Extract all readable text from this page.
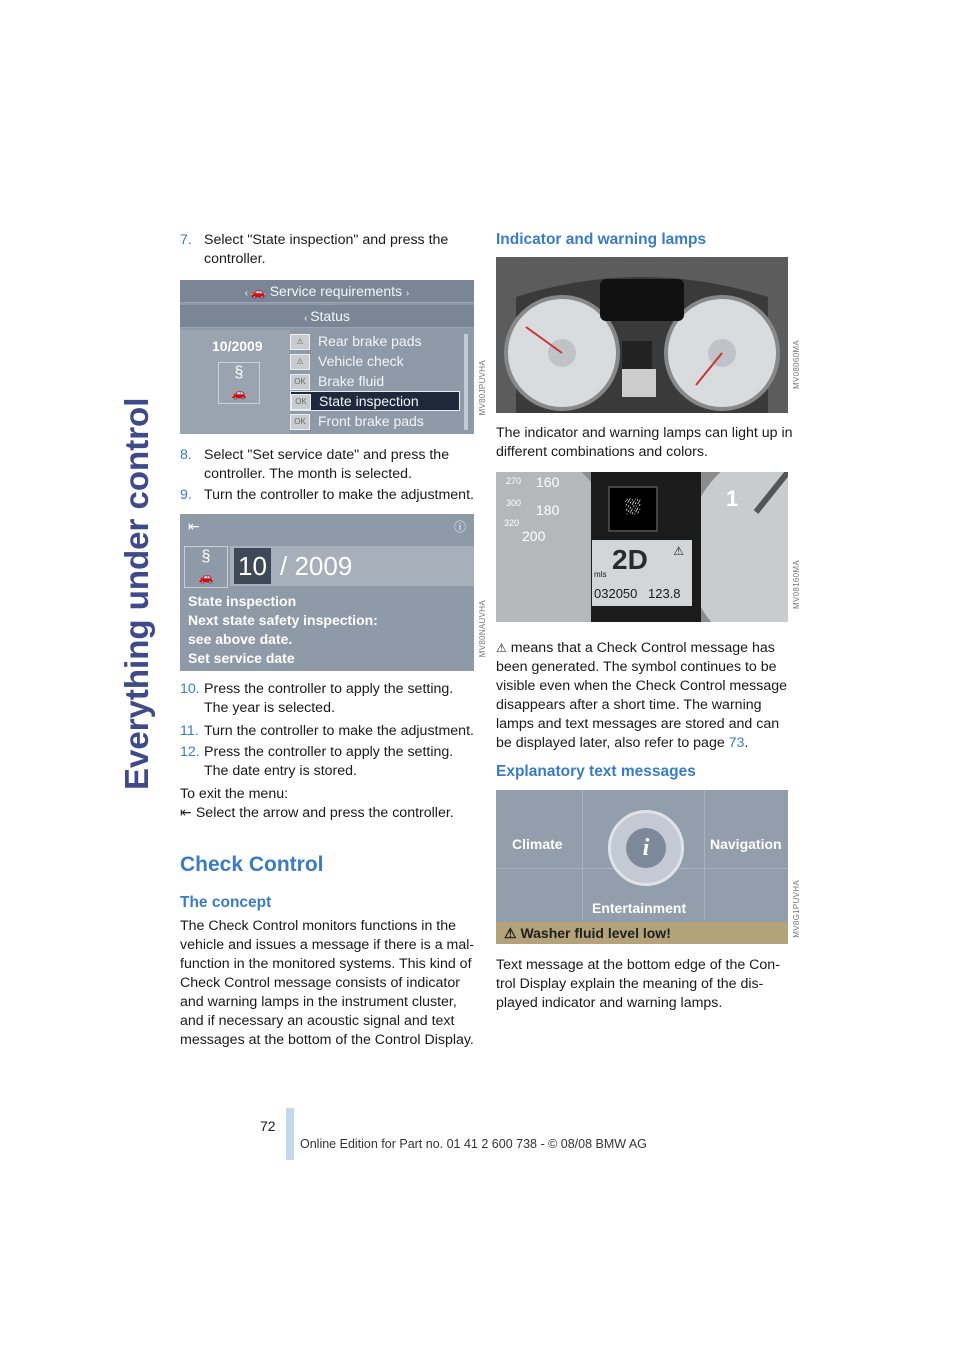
Everything under control
7. Select "State inspection" and press the controller.
‹ 🚗 Service requirements ›
‹ Status
10/2009
§
🚗
⚠ Rear brake pads
⚠ Vehicle check
OK Brake fluid
OK State inspection
OK Front brake pads
MV80JPUVHA
8. Select "Set service date" and press the controller. The month is selected.
9. Turn the controller to make the adjustment.
⇤	ⓘ
§
🚗 10 / 2009
State inspection
Next state safety inspection:
see above date.
Set service date
MV80NAUVHA
10. Press the controller to apply the setting. The year is selected.
11. Turn the controller to make the adjustment.
12. Press the controller to apply the setting. The date entry is stored.
To exit the menu:
⇤ Select the arrow and press the controller.
Check Control
The concept
The Check Control monitors functions in the vehicle and issues a message if there is a mal-function in the monitored systems. This kind of Check Control message consists of indicator and warning lamps in the instrument cluster, and if necessary an acoustic signal and text messages at the bottom of the Control Display.
Indicator and warning lamps
MV08060MA
The indicator and warning lamps can light up in different combinations and colors.
160
180
200
270
300
320
1
⛆
⚠
2D
mls
032050 123.8	MV08160MA
⚠ means that a Check Control message has been generated. The symbol continues to be visible even when the Check Control message disappears after a short time. The warning lamps and text messages are stored and can be displayed later, also refer to page 73.
Explanatory text messages
Climate	Navigation
Entertainment
i
⚠ Washer fluid level low!	MV8G1PUVHA
Text message at the bottom edge of the Con-trol Display explain the meaning of the dis-played indicator and warning lamps.
72
Online Edition for Part no. 01 41 2 600 738 - © 08/08 BMW AG
